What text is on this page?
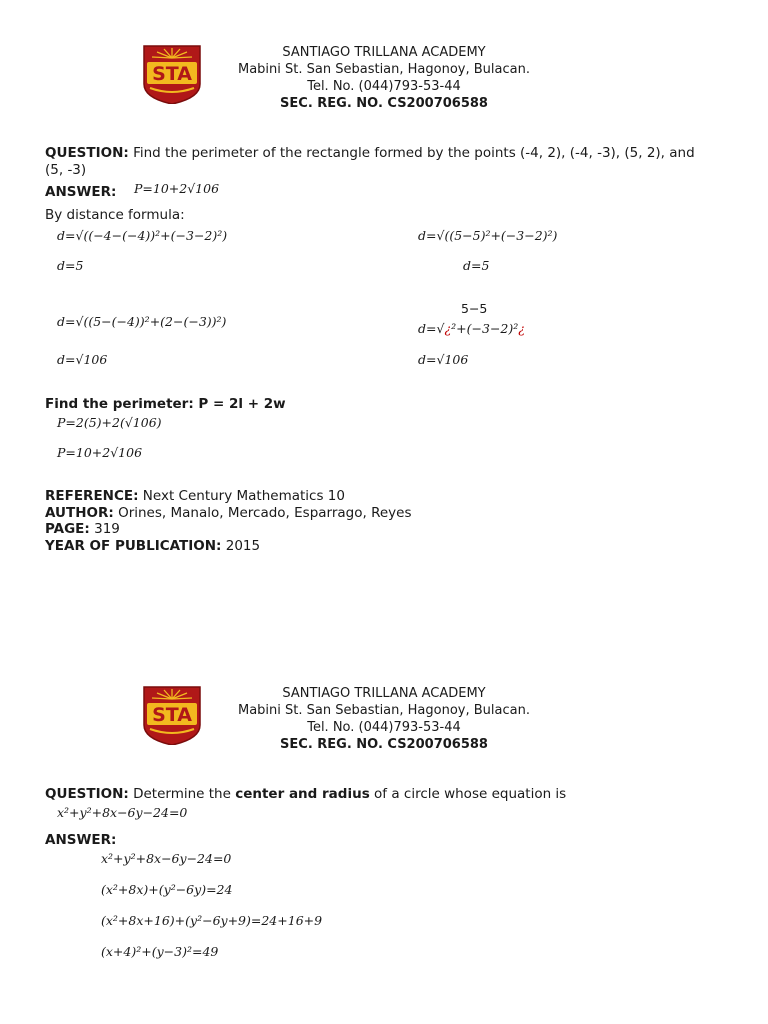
STA
SANTIAGO TRILLANA ACADEMY
Mabini St. San Sebastian, Hagonoy, Bulacan.
Tel. No. (044)793-53-44
SEC. REG. NO. CS200706588
QUESTION: Find the perimeter of the rectangle formed by the points (-4, 2), (-4, -3), (5, 2), and
(5, -3)
ANSWER: P=10+2√106
By distance formula:
d=√((−4−(−4))²+(−3−2)²)
d=5
d=√((5−5)²+(−3−2)²)
d=5
d=√((5−(−4))²+(2−(−3))²)
d=√106
5−5
d=√¿²+(−3−2)²¿
d=√106
Find the perimeter: P = 2l + 2w
P=2(5)+2(√106)
P=10+2√106
REFERENCE: Next Century Mathematics 10
AUTHOR: Orines, Manalo, Mercado, Esparrago, Reyes
PAGE: 319
YEAR OF PUBLICATION: 2015
STA
SANTIAGO TRILLANA ACADEMY
Mabini St. San Sebastian, Hagonoy, Bulacan.
Tel. No. (044)793-53-44
SEC. REG. NO. CS200706588
QUESTION: Determine the center and radius of a circle whose equation is
x²+y²+8x−6y−24=0
ANSWER:
x²+y²+8x−6y−24=0
(x²+8x)+(y²−6y)=24
(x²+8x+16)+(y²−6y+9)=24+16+9
(x+4)²+(y−3)²=49
